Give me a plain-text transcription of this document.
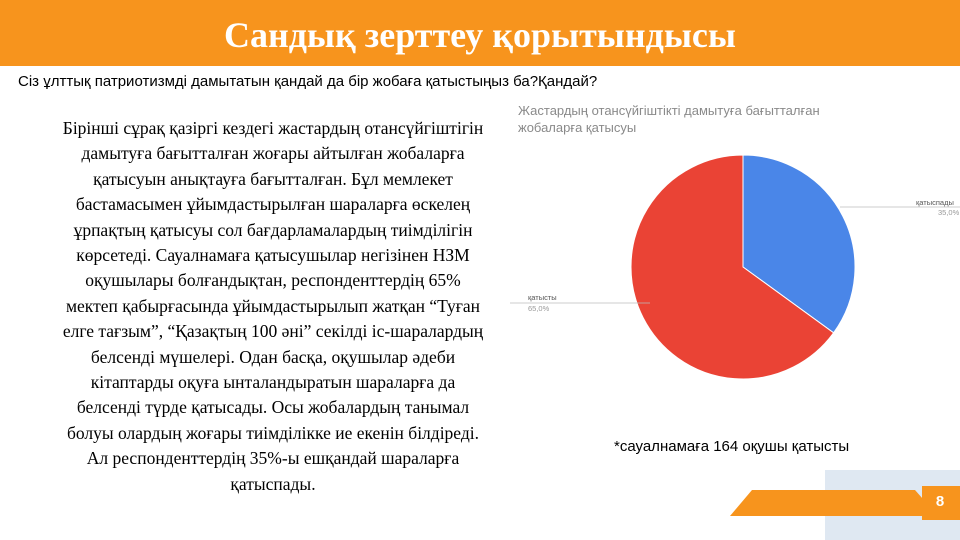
Сандық зерттеу қорытындысы
Сіз ұлттық патриотизмді дамытатын қандай да бір жобаға қатыстыңыз ба?Қандай?
Бірінші сұрақ қазіргі кездегі жастардың отансүйгіштігін
дамытуға бағытталған жоғары айтылған жобаларға
қатысуын анықтауға бағытталған. Бұл мемлекет
бастамасымен ұйымдастырылған шараларға өскелең
ұрпақтың қатысуы сол бағдарламалардың тиімділігін
көрсетеді. Сауалнамаға қатысушылар негізінен НЗМ
оқушылары болғандықтан, респонденттердің 65%
мектеп қабырғасында ұйымдастырылып жатқан “Туған
елге тағзым”, “Қазақтың 100 әні” секілді іс-шаралардың
белсенді мүшелері. Одан басқа, оқушылар әдеби
кітаптарды оқуға ынталандыратын шараларға да
белсенді түрде қатысады. Осы жобалардың танымал
болуы олардың жоғары тиімділікке ие екенін білдіреді.
Ал респонденттердің 35%-ы ешқандай шараларға
қатыспады.
Жастардың отансүйгіштікті дамытуға бағытталған
жобаларға қатысуы
қатыспады
35,0%
қатысты
65,0%
*сауалнамаға 164 оқушы қатысты
8
